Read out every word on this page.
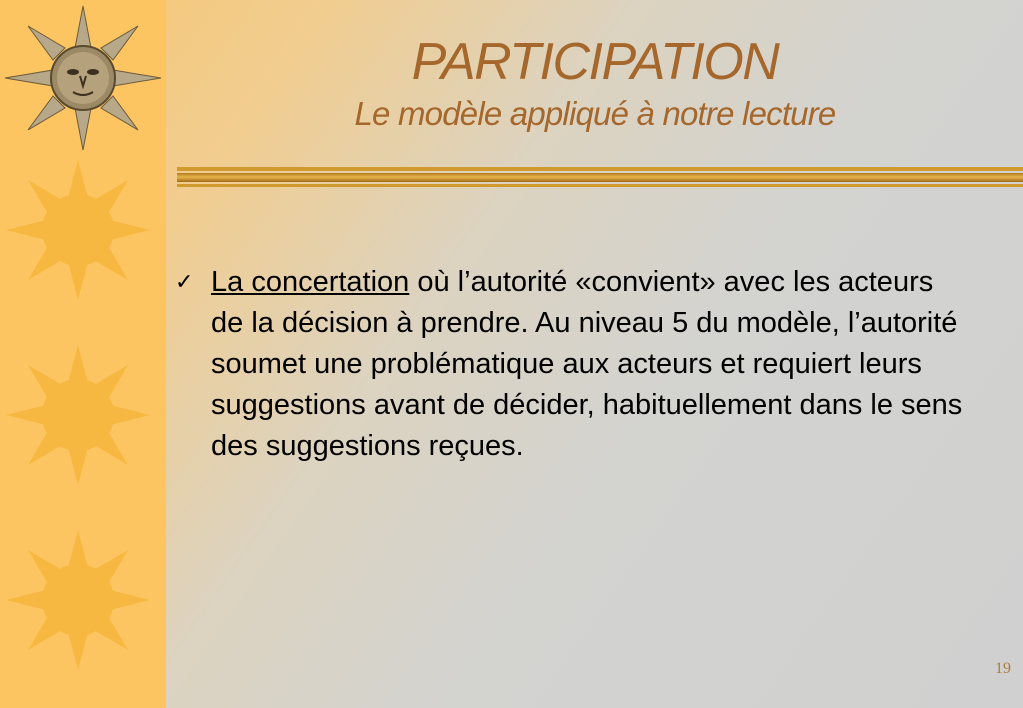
PARTICIPATION
Le modèle appliqué à notre lecture
✓ La concertation où l’autorité «convient» avec les acteurs de la décision à prendre. Au niveau 5 du modèle, l’autorité soumet une problématique aux acteurs et requiert leurs suggestions avant de décider, habituellement dans le sens des suggestions reçues.
19
